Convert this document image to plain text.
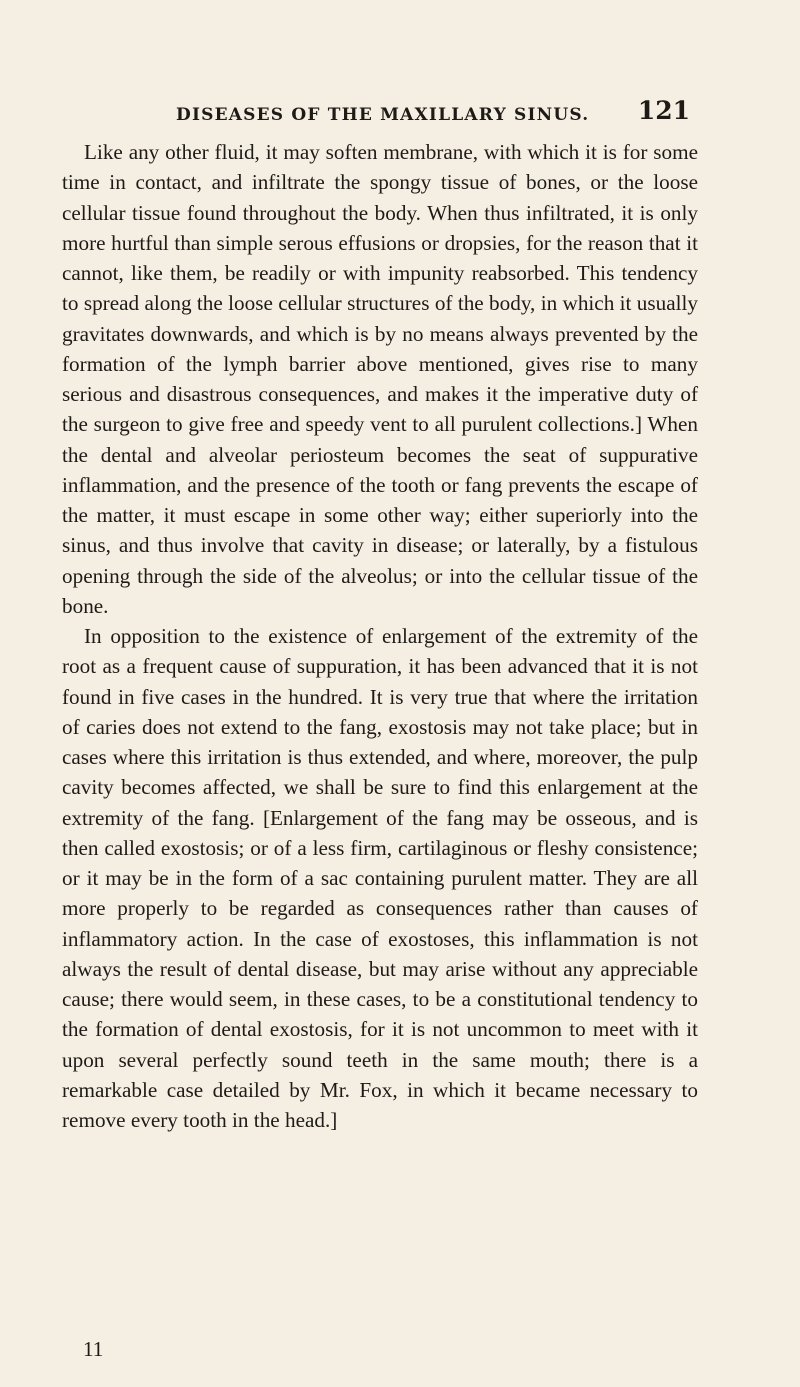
DISEASES OF THE MAXILLARY SINUS. 121

Like any other fluid, it may soften membrane, with which it is for some time in contact, and infiltrate the spongy tissue of bones, or the loose cellular tissue found throughout the body. When thus infiltrated, it is only more hurtful than simple serous effusions or dropsies, for the reason that it cannot, like them, be readily or with impunity reabsorbed. This tendency to spread along the loose cellular structures of the body, in which it usually gravitates downwards, and which is by no means always prevented by the formation of the lymph barrier above mentioned, gives rise to many serious and disastrous consequences, and makes it the imperative duty of the surgeon to give free and speedy vent to all purulent collections.] When the dental and alveolar periosteum becomes the seat of suppurative inflammation, and the presence of the tooth or fang prevents the escape of the matter, it must escape in some other way; either superiorly into the sinus, and thus involve that cavity in disease; or laterally, by a fistulous opening through the side of the alveolus; or into the cellular tissue of the bone.

In opposition to the existence of enlargement of the extremity of the root as a frequent cause of suppuration, it has been advanced that it is not found in five cases in the hundred. It is very true that where the irritation of caries does not extend to the fang, exostosis may not take place; but in cases where this irritation is thus extended, and where, moreover, the pulp cavity becomes affected, we shall be sure to find this enlargement at the extremity of the fang. [Enlargement of the fang may be osseous, and is then called exostosis; or of a less firm, cartilaginous or fleshy consistence; or it may be in the form of a sac containing purulent matter. They are all more properly to be regarded as consequences rather than causes of inflammatory action. In the case of exostoses, this inflammation is not always the result of dental disease, but may arise without any appreciable cause; there would seem, in these cases, to be a constitutional tendency to the formation of dental exostosis, for it is not uncommon to meet with it upon several perfectly sound teeth in the same mouth; there is a remarkable case detailed by Mr. Fox, in which it became necessary to remove every tooth in the head.]

11
